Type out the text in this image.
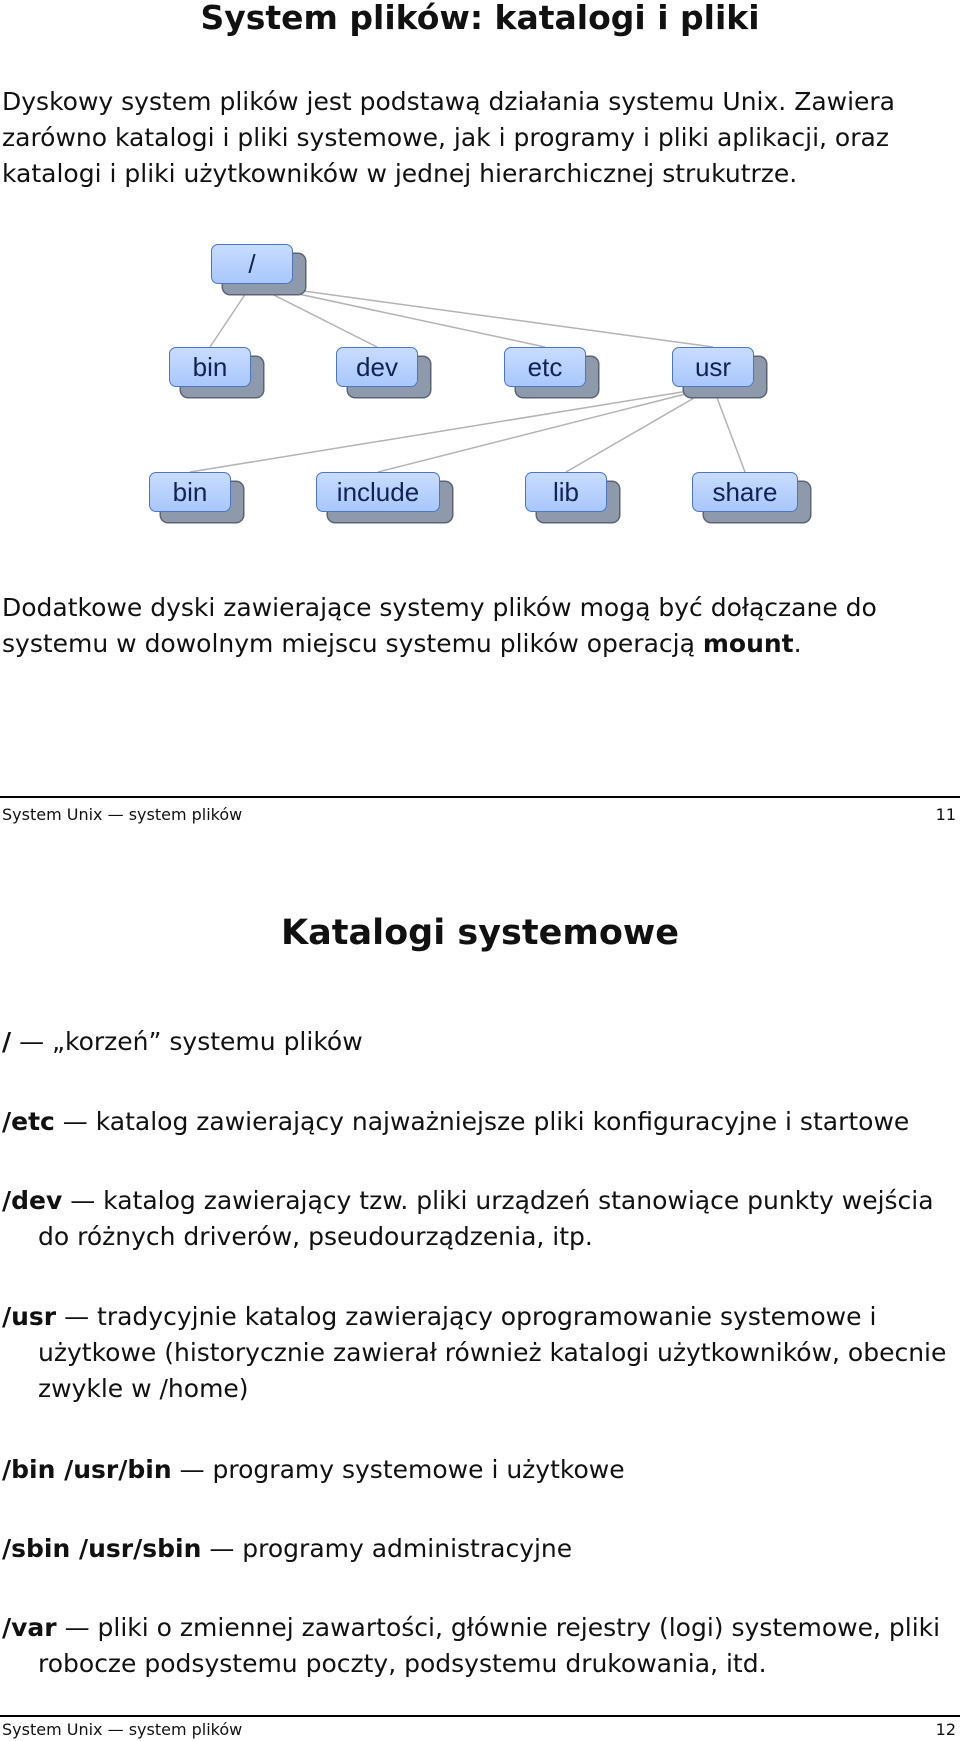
System plików: katalogi i pliki

Dyskowy system plików jest podstawą działania systemu Unix. Zawiera zarówno katalogi i pliki systemowe, jak i programy i pliki aplikacji, oraz katalogi i pliki użytkowników w jednej hierarchicznej strukutrze.

/
bin	dev	etc	usr
bin	include	lib	share

Dodatkowe dyski zawierające systemy plików mogą być dołączane do systemu w dowolnym miejscu systemu plików operacją mount.

System Unix — system plików	11
Katalogi systemowe

/ — „korzeń” systemu plików

/etc — katalog zawierający najważniejsze pliki konfiguracyjne i startowe

/dev — katalog zawierający tzw. pliki urządzeń stanowiące punkty wejścia do różnych driverów, pseudourządzenia, itp.

/usr — tradycyjnie katalog zawierający oprogramowanie systemowe i użytkowe (historycznie zawierał również katalogi użytkowników, obecnie zwykle w /home)

/bin /usr/bin — programy systemowe i użytkowe

/sbin /usr/sbin — programy administracyjne

/var — pliki o zmiennej zawartości, głównie rejestry (logi) systemowe, pliki robocze podsystemu poczty, podsystemu drukowania, itd.

System Unix — system plików	12
